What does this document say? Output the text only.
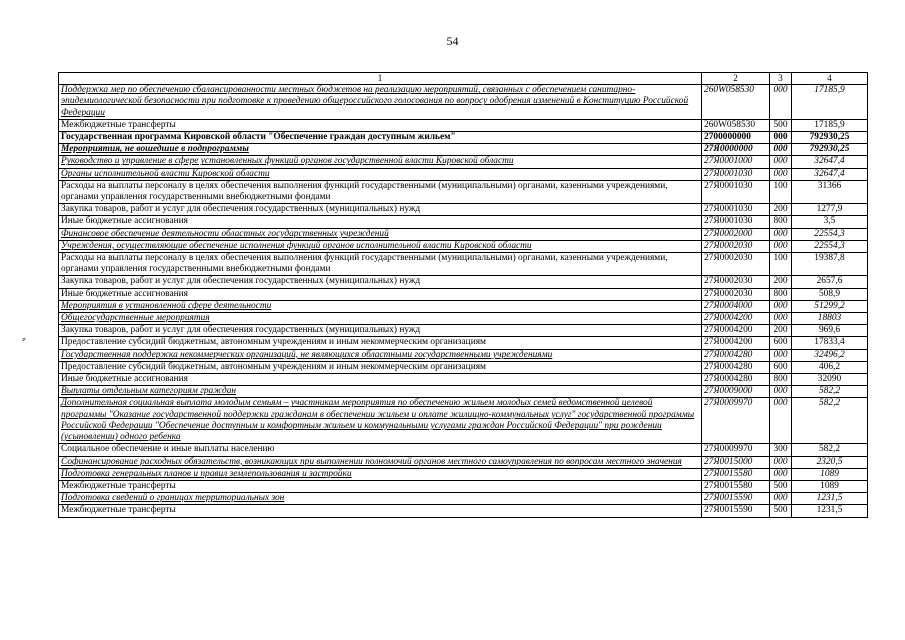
54
⸗
1	2	3	4
Поддержка мер по обеспечению сбалансированности местных бюджетов на реализацию мероприятий, связанных с обеспечением санитарно-эпидемиологической безопасности при подготовке к проведению общероссийского голосования по вопросу одобрения изменений в Конституцию Российской Федерации	260W058530	000	17185,9
Межбюджетные трансферты	260W058530	500	17185,9
Государственная программа Кировской области "Обеспечение граждан доступным жильем"	2700000000	000	792930,25
Мероприятия, не вошедшие в подпрограммы	27Я0000000	000	792930,25
Руководство и управление в сфере установленных функций органов государственной власти Кировской области	27Я0001000	000	32647,4
Органы исполнительной власти Кировской области	27Я0001030	000	32647,4
Расходы на выплаты персоналу в целях обеспечения выполнения функций государственными (муниципальными) органами, казенными учреждениями, органами управления государственными внебюджетными фондами	27Я0001030	100	31366
Закупка товаров, работ и услуг для обеспечения государственных (муниципальных) нужд	27Я0001030	200	1277,9
Иные бюджетные ассигнования	27Я0001030	800	3,5
Финансовое обеспечение деятельности областных государственных учреждений	27Я0002000	000	22554,3
Учреждения, осуществляющие обеспечение исполнения функций органов исполнительной власти Кировской области	27Я0002030	000	22554,3
Расходы на выплаты персоналу в целях обеспечения выполнения функций государственными (муниципальными) органами, казенными учреждениями, органами управления государственными внебюджетными фондами	27Я0002030	100	19387,8
Закупка товаров, работ и услуг для обеспечения государственных (муниципальных) нужд	27Я0002030	200	2657,6
Иные бюджетные ассигнования	27Я0002030	800	508,9
Мероприятия в установленной сфере деятельности	27Я0004000	000	51299,2
Общегосударственные мероприятия	27Я0004200	000	18803
Закупка товаров, работ и услуг для обеспечения государственных (муниципальных) нужд	27Я0004200	200	969,6
Предоставление субсидий бюджетным, автономным учреждениям и иным некоммерческим организациям	27Я0004200	600	17833,4
Государственная поддержка некоммерческих организаций, не являющихся областными государственными учреждениями	27Я0004280	000	32496,2
Предоставление субсидий бюджетным, автономным учреждениям и иным некоммерческим организациям	27Я0004280	600	406,2
Иные бюджетные ассигнования	27Я0004280	800	32090
Выплаты отдельным категориям граждан	27Я0009000	000	582,2
Дополнительная социальная выплата молодым семьям – участникам мероприятия по обеспечению жильем молодых семей ведомственной целевой программы "Оказание государственной поддержки гражданам в обеспечении жильем и оплате жилищно-коммунальных услуг" государственной программы Российской Федерации "Обеспечение доступным и комфортным жильем и коммунальными услугами граждан Российской Федерации" при рождении (усыновлении) одного ребенка	27Я0009970	000	582,2
Социальное обеспечение и иные выплаты населению	27Я0009970	300	582,2
Софинансирование расходных обязательств, возникающих при выполнении полномочий органов местного самоуправления по вопросам местного значения	27Я0015000	000	2320,5
Подготовка генеральных планов и правил землепользования и застройки	27Я0015580	000	1089
Межбюджетные трансферты	27Я0015580	500	1089
Подготовка сведений о границах территориальных зон	27Я0015590	000	1231,5
Межбюджетные трансферты	27Я0015590	500	1231,5
